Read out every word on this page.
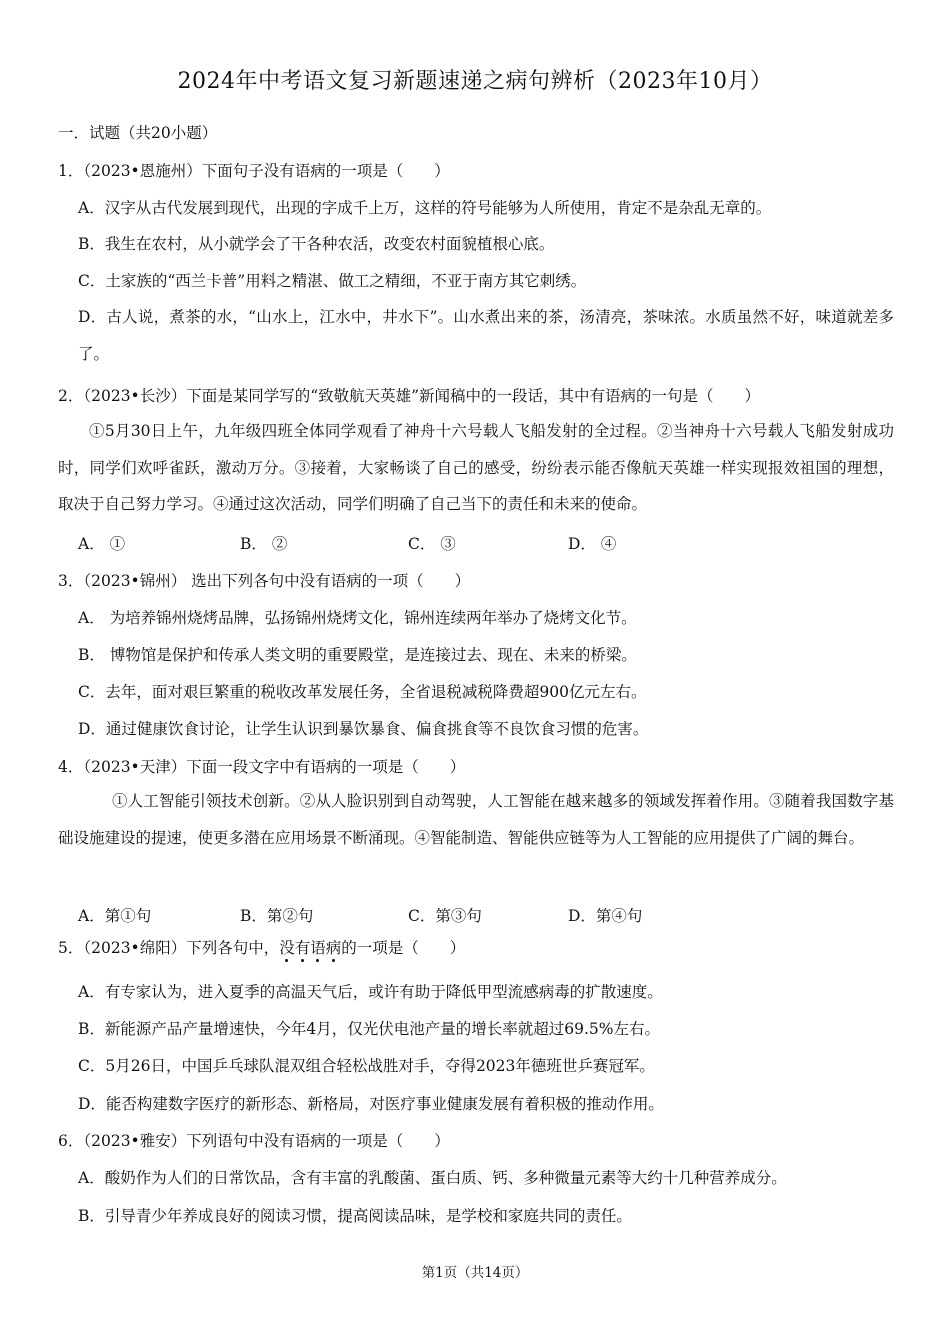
2024年中考语文复习新题速递之病句辨析（2023年10月）
一．试题（共20小题）
1．（2023•恩施州）下面句子没有语病的一项是（　　）
A．汉字从古代发展到现代，出现的字成千上万，这样的符号能够为人所使用，肯定不是杂乱无章的。
B．我生在农村，从小就学会了干各种农活，改变农村面貌植根心底。
C．土家族的“西兰卡普”用料之精湛、做工之精细，不亚于南方其它刺绣。
D．古人说，煮茶的水，“山水上，江水中，井水下”。山水煮出来的茶，汤清亮，茶味浓。水质虽然不好，味道就差多了。
2．（2023•长沙）下面是某同学写的“致敬航天英雄”新闻稿中的一段话，其中有语病的一句是（　　）
①5月30日上午，九年级四班全体同学观看了神舟十六号载人飞船发射的全过程。②当神舟十六号载人飞船发射成功时，同学们欢呼雀跃，激动万分。③接着，大家畅谈了自己的感受，纷纷表示能否像航天英雄一样实现报效祖国的理想，取决于自己努力学习。④通过这次活动，同学们明确了自己当下的责任和未来的使命。
A． ①	B． ②	C． ③	D． ④
3．（2023•锦州） 选出下列各句中没有语病的一项（　　）
A． 为培养锦州烧烤品牌，弘扬锦州烧烤文化，锦州连续两年举办了烧烤文化节。
B． 博物馆是保护和传承人类文明的重要殿堂，是连接过去、现在、未来的桥梁。
C．去年，面对艰巨繁重的税收改革发展任务，全省退税减税降费超900亿元左右。
D．通过健康饮食讨论，让学生认识到暴饮暴食、偏食挑食等不良饮食习惯的危害。
4．（2023•天津）下面一段文字中有语病的一项是（　　）
①人工智能引领技术创新。②从人脸识别到自动驾驶，人工智能在越来越多的领域发挥着作用。③随着我国数字基础设施建设的提速，使更多潜在应用场景不断涌现。④智能制造、智能供应链等为人工智能的应用提供了广阔的舞台。
A．第①句	B．第②句	C．第③句	D．第④句
5．（2023•绵阳）下列各句中，没有语病的一项是（　　）
A．有专家认为，进入夏季的高温天气后，或许有助于降低甲型流感病毒的扩散速度。
B．新能源产品产量增速快，今年4月，仅光伏电池产量的增长率就超过69.5%左右。
C．5月26日，中国乒乓球队混双组合轻松战胜对手，夺得2023年德班世乒赛冠军。
D．能否构建数字医疗的新形态、新格局，对医疗事业健康发展有着积极的推动作用。
6．（2023•雅安）下列语句中没有语病的一项是（　　）
A．酸奶作为人们的日常饮品，含有丰富的乳酸菌、蛋白质、钙、多种微量元素等大约十几种营养成分。
B．引导青少年养成良好的阅读习惯，提高阅读品味，是学校和家庭共同的责任。
第1页（共14页）
